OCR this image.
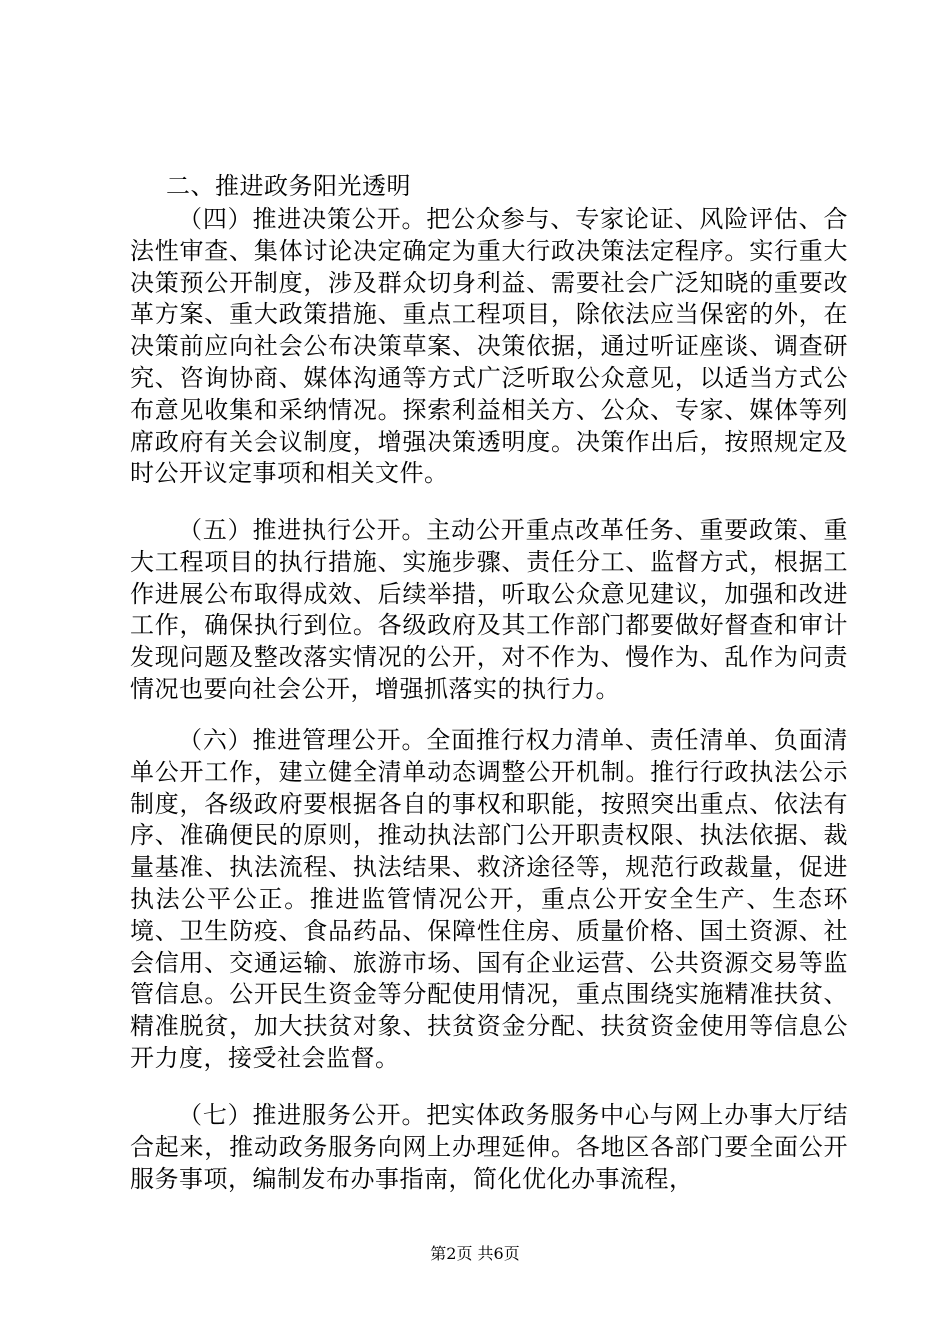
二、推进政务阳光透明

（四）推进决策公开。把公众参与、专家论证、风险评估、合法性审查、集体讨论决定确定为重大行政决策法定程序。实行重大决策预公开制度，涉及群众切身利益、需要社会广泛知晓的重要改革方案、重大政策措施、重点工程项目，除依法应当保密的外，在决策前应向社会公布决策草案、决策依据，通过听证座谈、调查研究、咨询协商、媒体沟通等方式广泛听取公众意见，以适当方式公布意见收集和采纳情况。探索利益相关方、公众、专家、媒体等列席政府有关会议制度，增强决策透明度。决策作出后，按照规定及时公开议定事项和相关文件。

（五）推进执行公开。主动公开重点改革任务、重要政策、重大工程项目的执行措施、实施步骤、责任分工、监督方式，根据工作进展公布取得成效、后续举措，听取公众意见建议，加强和改进工作，确保执行到位。各级政府及其工作部门都要做好督查和审计发现问题及整改落实情况的公开，对不作为、慢作为、乱作为问责情况也要向社会公开，增强抓落实的执行力。

（六）推进管理公开。全面推行权力清单、责任清单、负面清单公开工作，建立健全清单动态调整公开机制。推行行政执法公示制度，各级政府要根据各自的事权和职能，按照突出重点、依法有序、准确便民的原则，推动执法部门公开职责权限、执法依据、裁量基准、执法流程、执法结果、救济途径等，规范行政裁量，促进执法公平公正。推进监管情况公开，重点公开安全生产、生态环境、卫生防疫、食品药品、保障性住房、质量价格、国土资源、社会信用、交通运输、旅游市场、国有企业运营、公共资源交易等监管信息。公开民生资金等分配使用情况，重点围绕实施精准扶贫、精准脱贫，加大扶贫对象、扶贫资金分配、扶贫资金使用等信息公开力度，接受社会监督。

（七）推进服务公开。把实体政务服务中心与网上办事大厅结合起来，推动政务服务向网上办理延伸。各地区各部门要全面公开服务事项，编制发布办事指南，简化优化办事流程，

第2页 共6页
